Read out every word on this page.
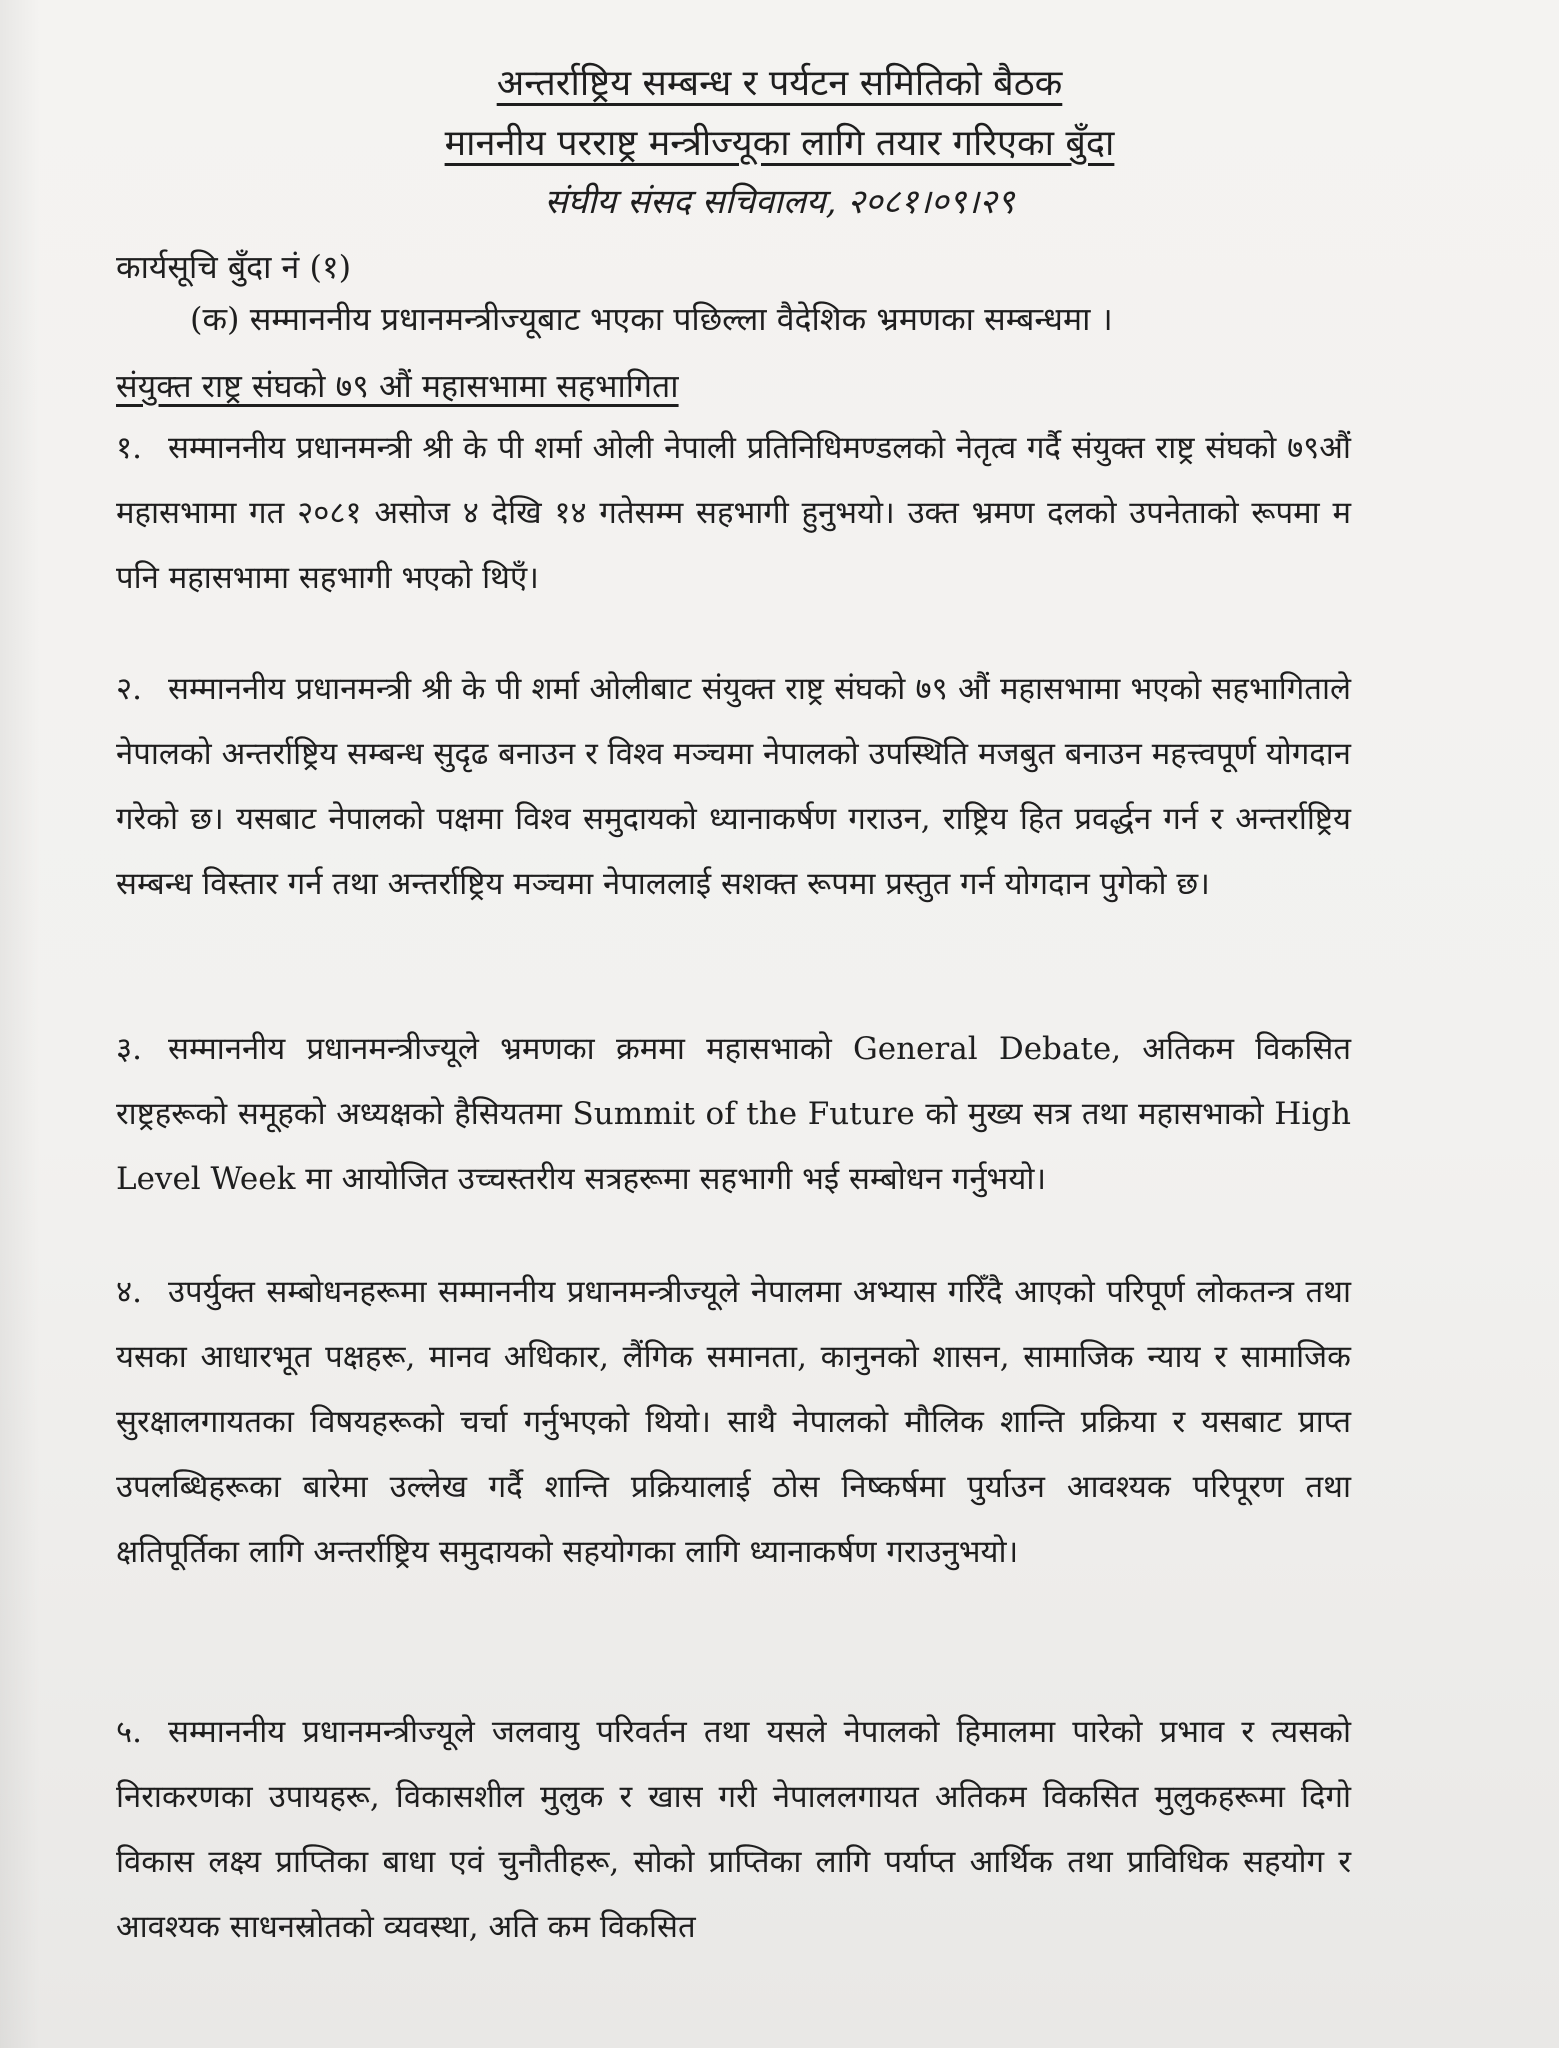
अन्तर्राष्ट्रिय सम्बन्ध र पर्यटन समितिको बैठक
माननीय परराष्ट्र मन्त्रीज्यूका लागि तयार गरिएका बुँदा
संघीय संसद सचिवालय, २०८१।०९।२९
कार्यसूचि बुँदा नं (१)
(क) सम्माननीय प्रधानमन्त्रीज्यूबाट भएका पछिल्ला वैदेशिक भ्रमणका सम्बन्धमा ।
संयुक्त राष्ट्र संघको ७९ औं महासभामा सहभागिता
१. सम्माननीय प्रधानमन्त्री श्री के पी शर्मा ओली नेपाली प्रतिनिधिमण्डलको नेतृत्व गर्दै संयुक्त राष्ट्र संघको ७९औं महासभामा गत २०८१ असोज ४ देखि १४ गतेसम्म सहभागी हुनुभयो। उक्त भ्रमण दलको उपनेताको रूपमा म पनि महासभामा सहभागी भएको थिएँ।
२. सम्माननीय प्रधानमन्त्री श्री के पी शर्मा ओलीबाट संयुक्त राष्ट्र संघको ७९ औं महासभामा भएको सहभागिताले नेपालको अन्तर्राष्ट्रिय सम्बन्ध सुदृढ बनाउन र विश्व मञ्चमा नेपालको उपस्थिति मजबुत बनाउन महत्त्वपूर्ण योगदान गरेको छ। यसबाट नेपालको पक्षमा विश्व समुदायको ध्यानाकर्षण गराउन, राष्ट्रिय हित प्रवर्द्धन गर्न र अन्तर्राष्ट्रिय सम्बन्ध विस्तार गर्न तथा अन्तर्राष्ट्रिय मञ्चमा नेपाललाई सशक्त रूपमा प्रस्तुत गर्न योगदान पुगेको छ।
३. सम्माननीय प्रधानमन्त्रीज्यूले भ्रमणका क्रममा महासभाको General Debate, अतिकम विकसित राष्ट्रहरूको समूहको अध्यक्षको हैसियतमा Summit of the Future को मुख्य सत्र तथा महासभाको High Level Week मा आयोजित उच्चस्तरीय सत्रहरूमा सहभागी भई सम्बोधन गर्नुभयो।
४. उपर्युक्त सम्बोधनहरूमा सम्माननीय प्रधानमन्त्रीज्यूले नेपालमा अभ्यास गरिँदै आएको परिपूर्ण लोकतन्त्र तथा यसका आधारभूत पक्षहरू, मानव अधिकार, लैंगिक समानता, कानुनको शासन, सामाजिक न्याय र सामाजिक सुरक्षालगायतका विषयहरूको चर्चा गर्नुभएको थियो। साथै नेपालको मौलिक शान्ति प्रक्रिया र यसबाट प्राप्त उपलब्धिहरूका बारेमा उल्लेख गर्दै शान्ति प्रक्रियालाई ठोस निष्कर्षमा पुर्याउन आवश्यक परिपूरण तथा क्षतिपूर्तिका लागि अन्तर्राष्ट्रिय समुदायको सहयोगका लागि ध्यानाकर्षण गराउनुभयो।
५. सम्माननीय प्रधानमन्त्रीज्यूले जलवायु परिवर्तन तथा यसले नेपालको हिमालमा पारेको प्रभाव र त्यसको निराकरणका उपायहरू, विकासशील मुलुक र खास गरी नेपाललगायत अतिकम विकसित मुलुकहरूमा दिगो विकास लक्ष्य प्राप्तिका बाधा एवं चुनौतीहरू, सोको प्राप्तिका लागि पर्याप्त आर्थिक तथा प्राविधिक सहयोग र आवश्यक साधनस्रोतको व्यवस्था, अति कम विकसित
